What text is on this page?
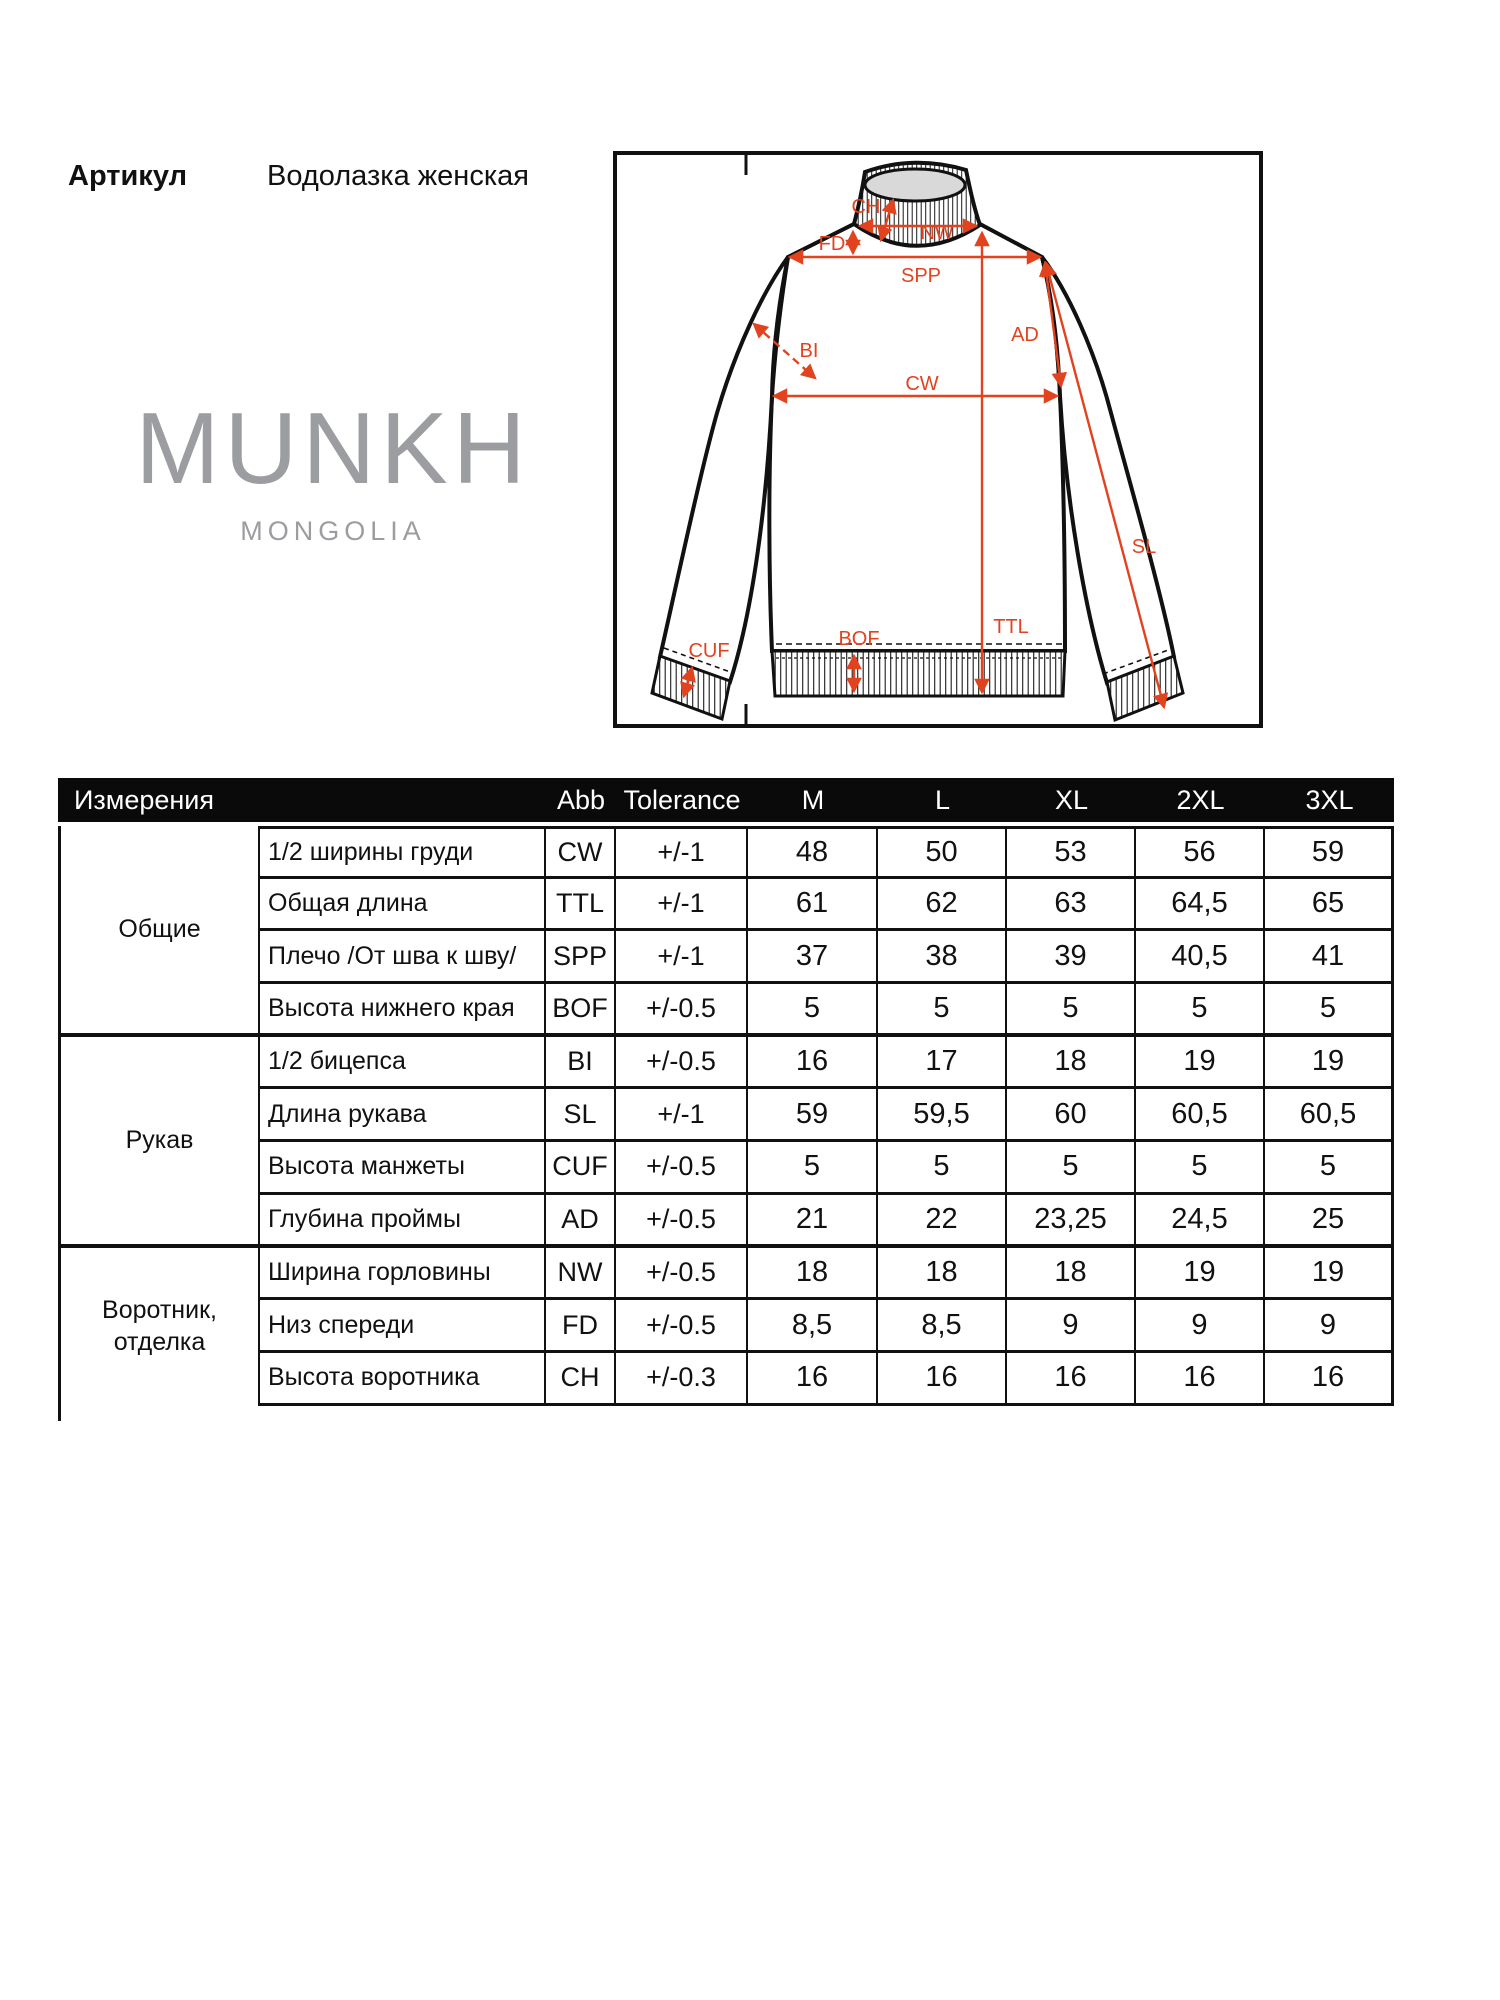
Артикул	Водолазка женская
MUNKH
MONGOLIA
CH
NW
FD
SPP
BI
CW
AD
SL
TTL
BOF
CUF
Измерения	Abb Tolerance	M	L	XL	2XL	3XL
Общие
1/2 ширины груди	CW	+/-1	48	50	53	56	59
Общая длина	TTL	+/-1	61	62	63	64,5	65
Плечо /От шва к шву/	SPP	+/-1	37	38	39	40,5	41
Высота нижнего края	BOF	+/-0.5	5	5	5	5	5
Рукав
1/2 бицепса	BI	+/-0.5	16	17	18	19	19
Длина рукава	SL	+/-1	59	59,5	60	60,5	60,5
Высота манжеты	CUF	+/-0.5	5	5	5	5	5
Глубина проймы	AD	+/-0.5	21	22	23,25	24,5	25
Воротник, отделка
Ширина горловины	NW	+/-0.5	18	18	18	19	19
Низ спереди	FD	+/-0.5	8,5	8,5	9	9	9
Высота воротника	CH	+/-0.3	16	16	16	16	16
